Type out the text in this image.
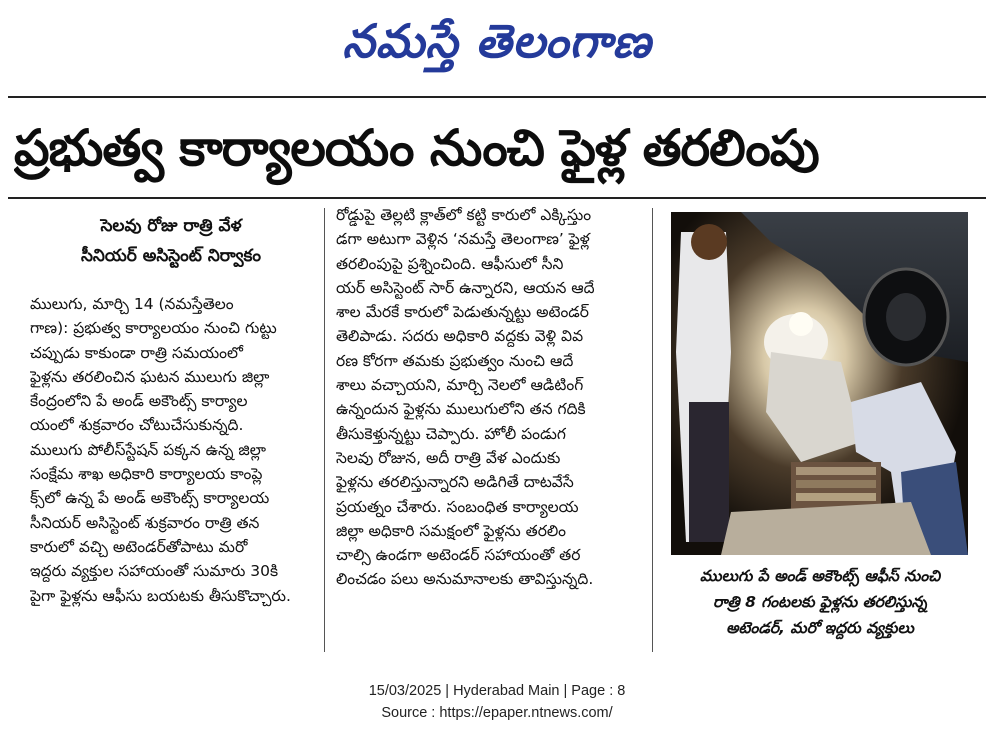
నమస్తే తెలంగాణ
ప్రభుత్వ కార్యాలయం నుంచి ఫైళ్ల తరలింపు
సెలవు రోజు రాత్రి వేళ
సీనియర్ అసిస్టెంట్ నిర్వాకం

ములుగు, మార్చి 14 (నమస్తేతెలం

గాణ): ప్రభుత్వ కార్యాలయం నుంచి గుట్టు

చప్పుడు కాకుండా రాత్రి సమయంలో

ఫైళ్లను తరలించిన ఘటన ములుగు జిల్లా

కేంద్రంలోని పే అండ్ అకౌంట్స్ కార్యాల

యంలో శుక్రవారం చోటుచేసుకున్నది.

ములుగు పోలీస్‌స్టేషన్ పక్కన ఉన్న జిల్లా

సంక్షేమ శాఖ అధికారి కార్యాలయ కాంప్లె

క్స్‌లో ఉన్న పే అండ్ అకౌంట్స్ కార్యాలయ

సీనియర్ అసిస్టెంట్ శుక్రవారం రాత్రి తన

కారులో వచ్చి అటెండర్‌తోపాటు మరో

ఇద్దరు వ్యక్తుల సహాయంతో సుమారు 30కి

పైగా ఫైళ్లను ఆఫీసు బయటకు తీసుకొచ్చారు.

రోడ్డుపై తెల్లటి క్లాత్‌లో కట్టి కారులో ఎక్కిస్తుం

డగా అటుగా వెళ్లిన ‘నమస్తే తెలంగాణ’ ఫైళ్ల

తరలింపుపై ప్రశ్నించింది. ఆఫీసులో సీని

యర్ అసిస్టెంట్ సార్ ఉన్నారని, ఆయన ఆదే

శాల మేరకే కారులో పెడుతున్నట్టు అటెండర్

తెలిపాడు. సదరు అధికారి వద్దకు వెళ్లి వివ

రణ కోరగా తమకు ప్రభుత్వం నుంచి ఆదే

శాలు వచ్చాయని, మార్చి నెలలో ఆడిటింగ్

ఉన్నందున ఫైళ్లను ములుగులోని తన గదికి

తీసుకెళ్తున్నట్టు చెప్పారు. హోలీ పండుగ

సెలవు రోజున, అదీ రాత్రి వేళ ఎందుకు

ఫైళ్లను తరలిస్తున్నారని అడిగితే దాటవేసే

ప్రయత్నం చేశారు. సంబంధిత కార్యాలయ

జిల్లా అధికారి సమక్షంలో ఫైళ్లను తరలిం

చాల్సి ఉండగా అటెండర్ సహాయంతో తర

లించడం పలు అనుమానాలకు తావిస్తున్నది.	ములుగు పే అండ్ అకౌంట్స్ ఆఫీస్ నుంచి
రాత్రి 8 గంటలకు ఫైళ్లను తరలిస్తున్న
అటెండర్, మరో ఇద్దరు వ్యక్తులు
15/03/2025 | Hyderabad Main | Page : 8
Source : https://epaper.ntnews.com/
